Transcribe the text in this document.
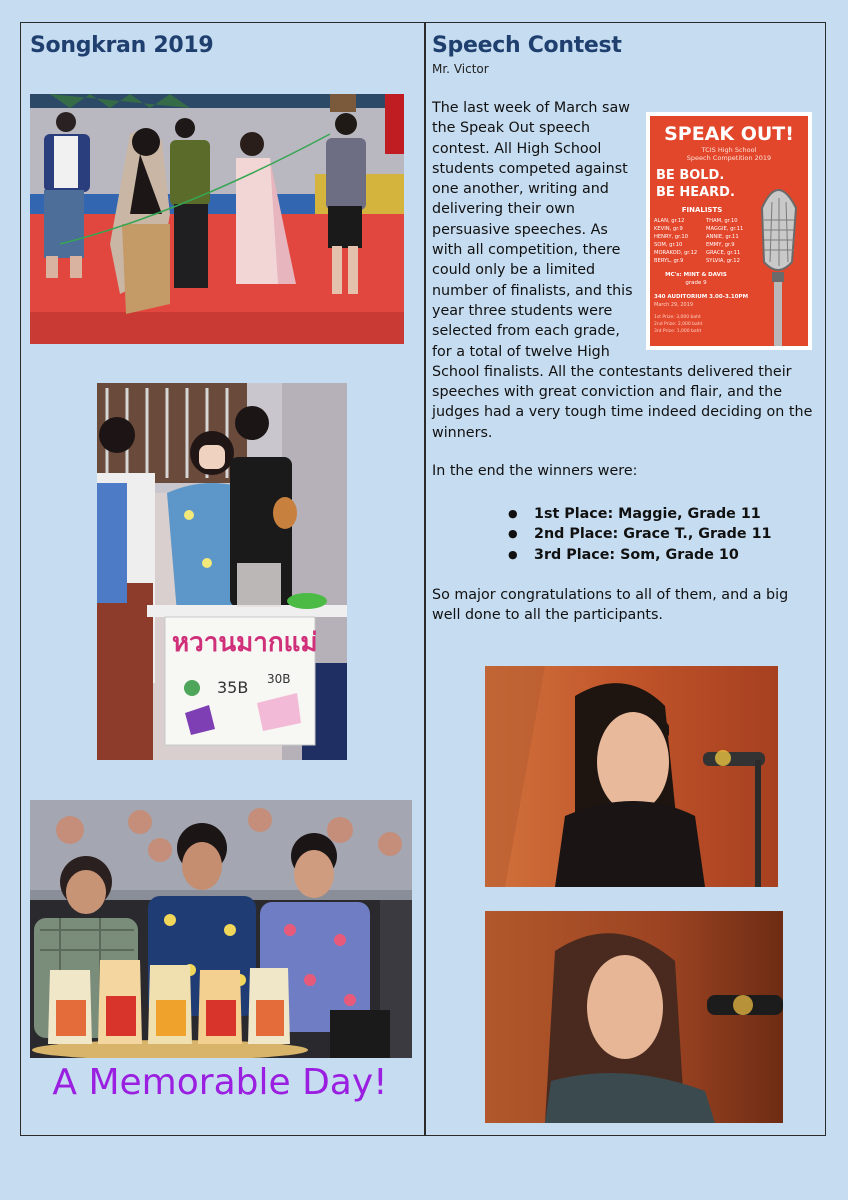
Songkran 2019
หวานมากแม่
35B 30B
A Memorable Day!
Speech Contest
Mr. Victor
SPEAK OUT!
TCIS High School
Speech Competition 2019
BE BOLD.
BE HEARD.
FINALISTS
ALAN, gr.12	THAM, gr.10
KEVIN, gr.9	MAGGIE, gr.11
HENRY, gr.10	ANNIE, gr.11
SOM, gr.10	EMMY, gr.9
MORAKOD, gr.12 GRACE, gr.11
BERYL, gr.9	SYLVIA, gr.12
MC's: MINT & DAVIS
grade 9
340 AUDITORIUM 3.00-3.10PM
March 29, 2019
1st Prize: 3,000 baht
2nd Prize: 2,000 baht
3rd Prize: 1,000 baht
The last week of March saw the Speak Out speech contest. All High School students competed against one another, writing and delivering their own persuasive speeches. As with all competition, there could only be a limited number of finalists, and this year three students were selected from each grade, for a total of twelve High School finalists. All the contestants delivered their speeches with great conviction and flair, and the judges had a very tough time indeed deciding on the winners.
In the end the winners were:
● 1st Place: Maggie, Grade 11
● 2nd Place: Grace T., Grade 11
● 3rd Place: Som, Grade 10
So major congratulations to all of them, and a big well done to all the participants.
